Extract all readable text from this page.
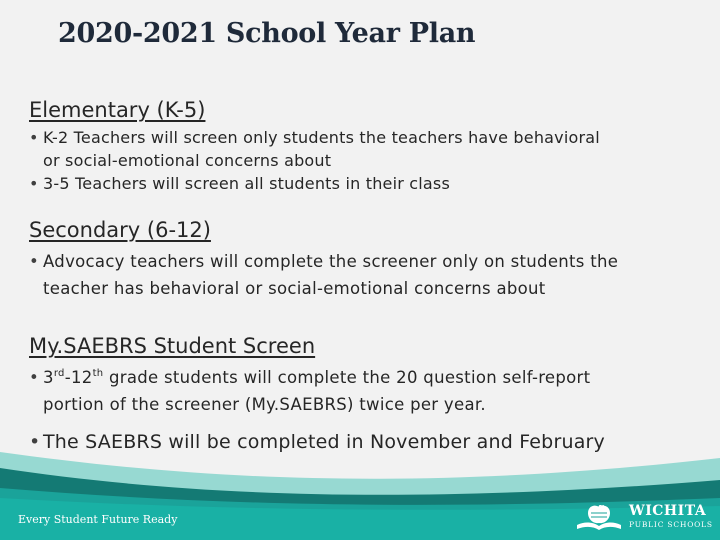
2020-2021 School Year Plan
Elementary (K-5)
• K-2 Teachers will screen only students the teachers have behavioral
or social-emotional concerns about
• 3-5 Teachers will screen all students in their class
Secondary (6-12)
• Advocacy teachers will complete the screener only on students the
teacher has behavioral or social-emotional concerns about
My.SAEBRS Student Screen
• 3rd-12th grade students will complete the 20 question self-report
portion of the screener (My.SAEBRS) twice per year.
• The SAEBRS will be completed in November and February
Every Student Future Ready
WICHITA
PUBLIC SCHOOLS
